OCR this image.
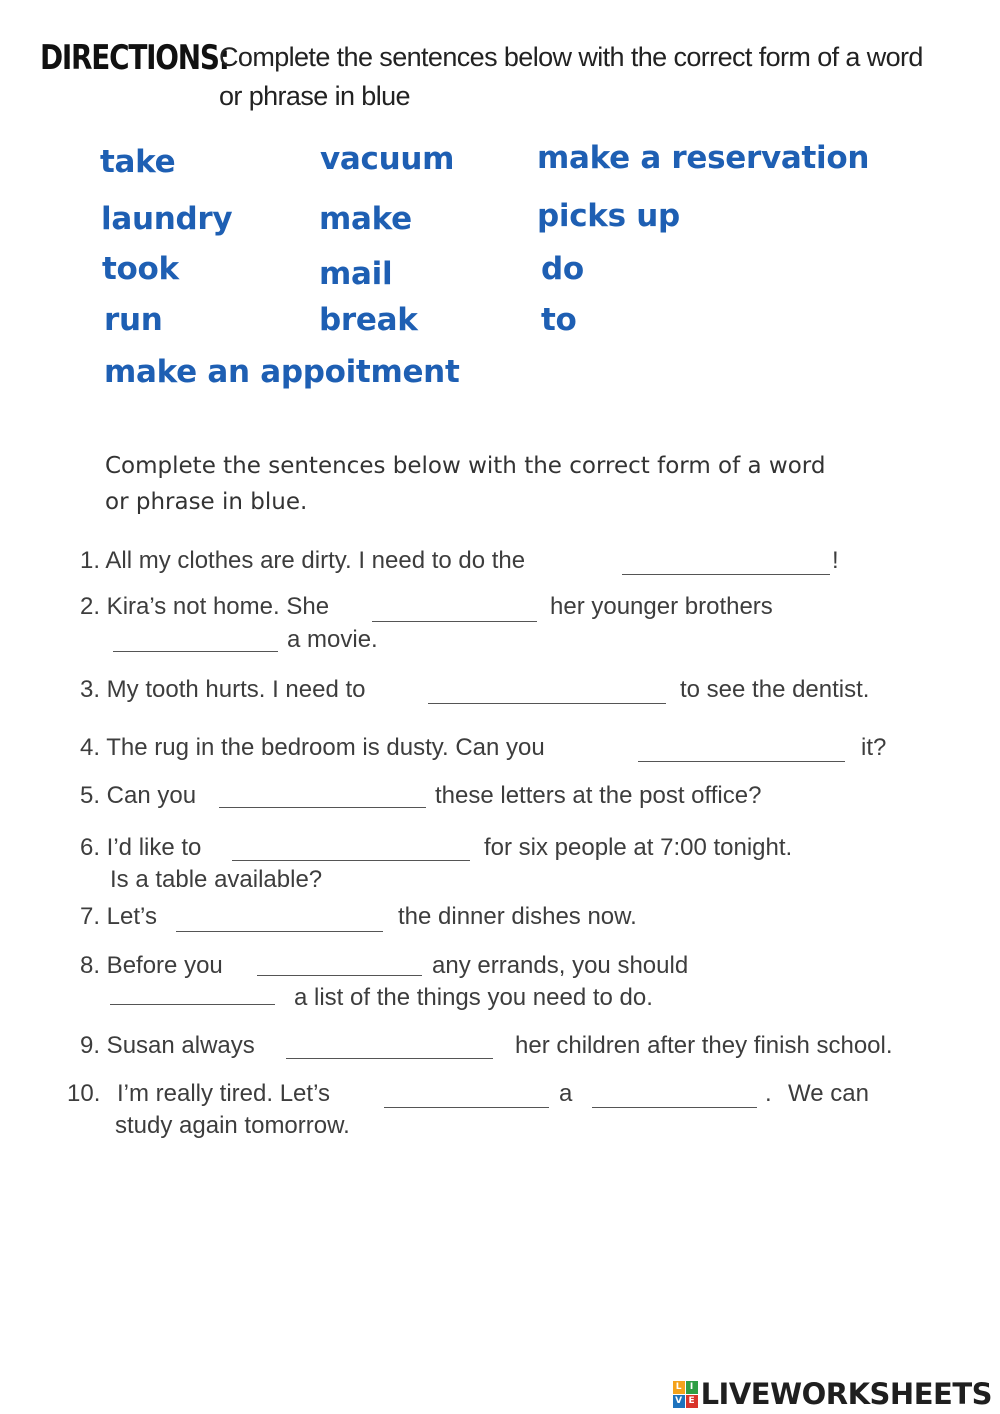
DIRECTIONS:
Complete the sentences below with the correct form of a word
or phrase in blue
take	vacuum	make a reservation
laundry	make	picks up
took	mail	do
run	break	to
make an appoitment
Complete the sentences below with the correct form of a word
or phrase in blue.
1. All my clothes are dirty. I need to do the	!
2. Kira’s not home. She	her younger brothers
a movie.
3. My tooth hurts. I need to	to see the dentist.
4. The rug in the bedroom is dusty. Can you	it?
5. Can you	these letters at the post office?
6. I’d like to	for six people at 7:00 tonight.
Is a table available?
7. Let’s	the dinner dishes now.
8. Before you	any errands, you should
a list of the things you need to do.
9. Susan always	her children after they finish school.
10. I’m really tired. Let’s	a	. We can
study again tomorrow.
L I
V E LIVEWORKSHEETS
